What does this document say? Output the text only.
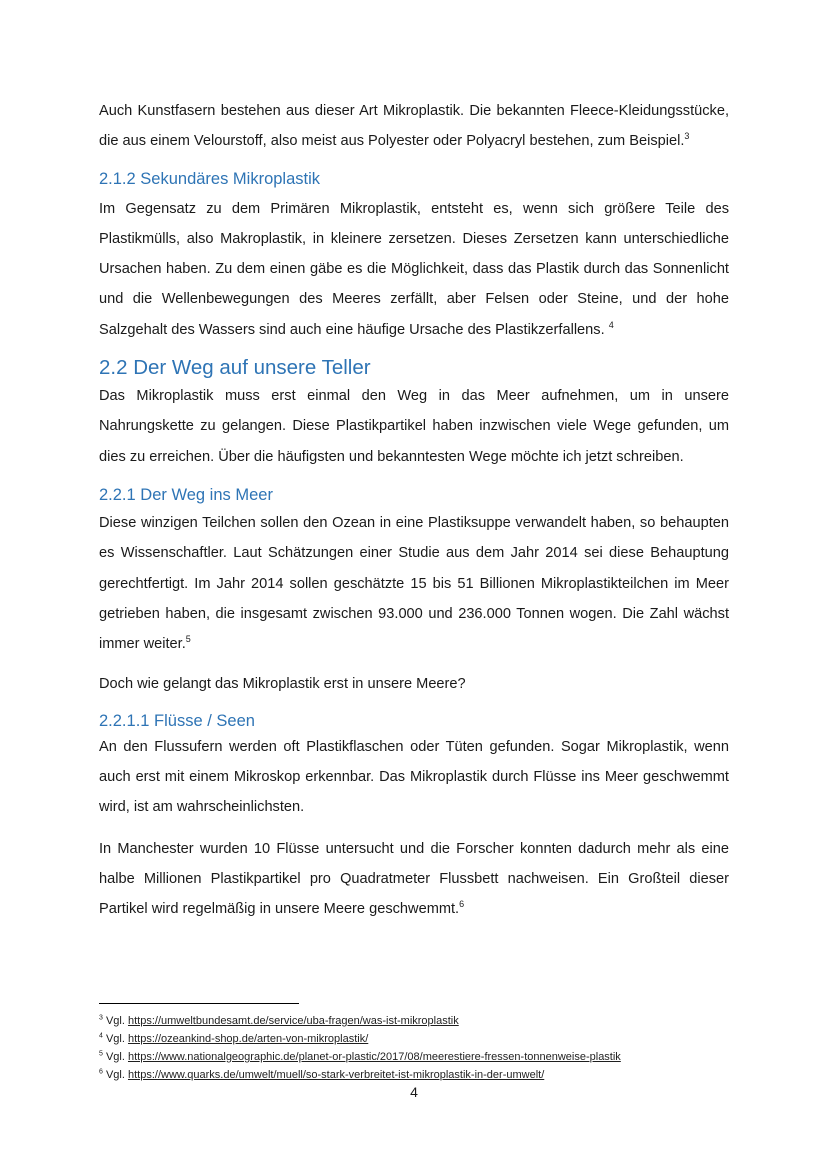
Auch Kunstfasern bestehen aus dieser Art Mikroplastik. Die bekannten Fleece-Kleidungsstücke, die aus einem Velourstoff, also meist aus Polyester oder Polyacryl bestehen, zum Beispiel.$^3$

2.1.2 Sekundäres Mikroplastik

Im Gegensatz zu dem Primären Mikroplastik, entsteht es, wenn sich größere Teile des Plastikmülls, also Makroplastik, in kleinere zersetzen. Dieses Zersetzen kann unterschiedliche Ursachen haben. Zu dem einen gäbe es die Möglichkeit, dass das Plastik durch das Sonnenlicht und die Wellenbewegungen des Meeres zerfällt, aber Felsen oder Steine, und der hohe Salzgehalt des Wassers sind auch eine häufige Ursache des Plastikzerfallens. $^4$

2.2 Der Weg auf unsere Teller

Das Mikroplastik muss erst einmal den Weg in das Meer aufnehmen, um in unsere Nahrungskette zu gelangen. Diese Plastikpartikel haben inzwischen viele Wege gefunden, um dies zu erreichen. Über die häufigsten und bekanntesten Wege möchte ich jetzt schreiben.

2.2.1 Der Weg ins Meer

Diese winzigen Teilchen sollen den Ozean in eine Plastiksuppe verwandelt haben, so behaupten es Wissenschaftler. Laut Schätzungen einer Studie aus dem Jahr 2014 sei diese Behauptung gerechtfertigt. Im Jahr 2014 sollen geschätzte 15 bis 51 Billionen Mikroplastikteilchen im Meer getrieben haben, die insgesamt zwischen 93.000 und 236.000 Tonnen wogen. Die Zahl wächst immer weiter.$^5$

Doch wie gelangt das Mikroplastik erst in unsere Meere?

2.2.1.1 Flüsse / Seen

An den Flussufern werden oft Plastikflaschen oder Tüten gefunden. Sogar Mikroplastik, wenn auch erst mit einem Mikroskop erkennbar. Das Mikroplastik durch Flüsse ins Meer geschwemmt wird, ist am wahrscheinlichsten.

In Manchester wurden 10 Flüsse untersucht und die Forscher konnten dadurch mehr als eine halbe Millionen Plastikpartikel pro Quadratmeter Flussbett nachweisen. Ein Großteil dieser Partikel wird regelmäßig in unsere Meere geschwemmt.$^6$

$^3$ Vgl. https://umweltbundesamt.de/service/uba-fragen/was-ist-mikroplastik
$^4$ Vgl. https://ozeankind-shop.de/arten-von-mikroplastik/
$^5$ Vgl. https://www.nationalgeographic.de/planet-or-plastic/2017/08/meerestiere-fressen-tonnenweise-plastik
$^6$ Vgl. https://www.quarks.de/umwelt/muell/so-stark-verbreitet-ist-mikroplastik-in-der-umwelt/
4
